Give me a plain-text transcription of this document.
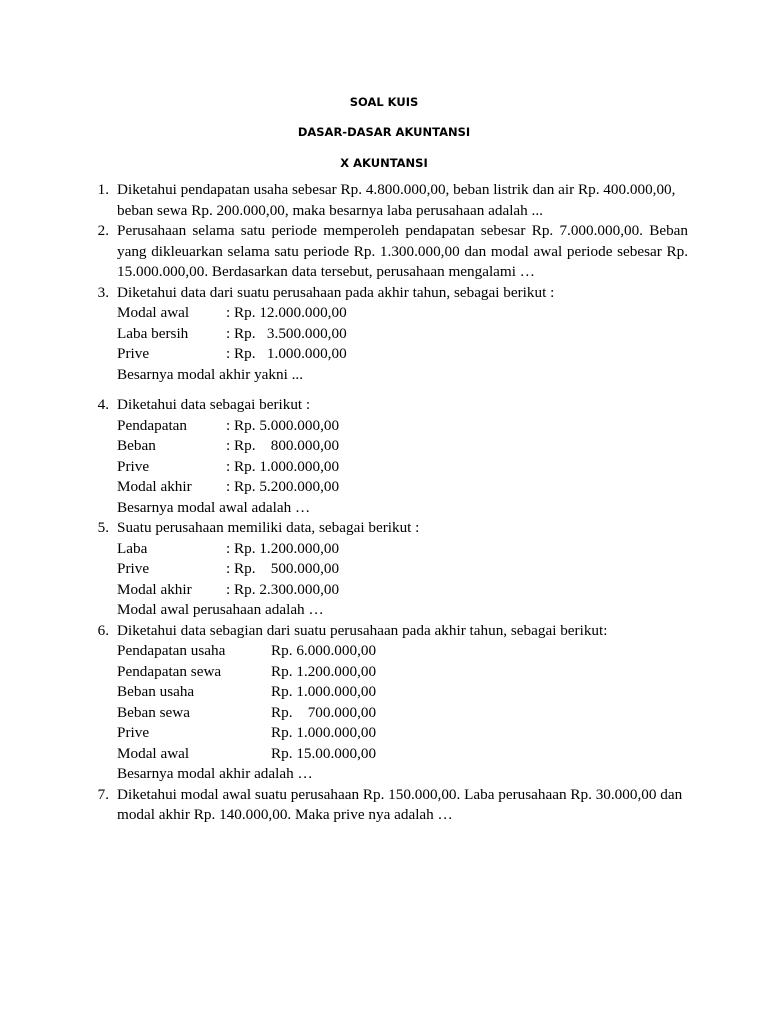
SOAL KUIS
DASAR-DASAR AKUNTANSI
X AKUNTANSI
1. Diketahui pendapatan usaha sebesar Rp. 4.800.000,00, beban listrik dan air Rp. 400.000,00, beban sewa Rp. 200.000,00, maka besarnya laba perusahaan adalah ...
2. Perusahaan selama satu periode memperoleh pendapatan sebesar Rp. 7.000.000,00. Beban yang dikleuarkan selama satu periode Rp. 1.300.000,00 dan modal awal periode sebesar Rp. 15.000.000,00. Berdasarkan data tersebut, perusahaan mengalami …
3. Diketahui data dari suatu perusahaan pada akhir tahun, sebagai berikut :
Modal awal : Rp. 12.000.000,00
Laba bersih : Rp.   3.500.000,00
Prive	: Rp.   1.000.000,00
Besarnya modal akhir yakni ...
4. Diketahui data sebagai berikut :
Pendapatan	: Rp. 5.000.000,00
Beban	: Rp.    800.000,00
Prive	: Rp. 1.000.000,00
Modal akhir : Rp. 5.200.000,00
Besarnya modal awal adalah …
5. Suatu perusahaan memiliki data, sebagai berikut :
Laba	: Rp. 1.200.000,00
Prive	: Rp.    500.000,00
Modal akhir : Rp. 2.300.000,00
Modal awal perusahaan adalah …
6. Diketahui data sebagian dari suatu perusahaan pada akhir tahun, sebagai berikut:
Pendapatan usaha	Rp. 6.000.000,00
Pendapatan sewa	Rp. 1.200.000,00
Beban usaha	Rp. 1.000.000,00
Beban sewa	Rp.    700.000,00
Prive	Rp. 1.000.000,00
Modal awal	Rp. 15.00.000,00
Besarnya modal akhir adalah …
7. Diketahui modal awal suatu perusahaan Rp. 150.000,00. Laba perusahaan Rp. 30.000,00 dan modal akhir Rp. 140.000,00. Maka prive nya adalah …
